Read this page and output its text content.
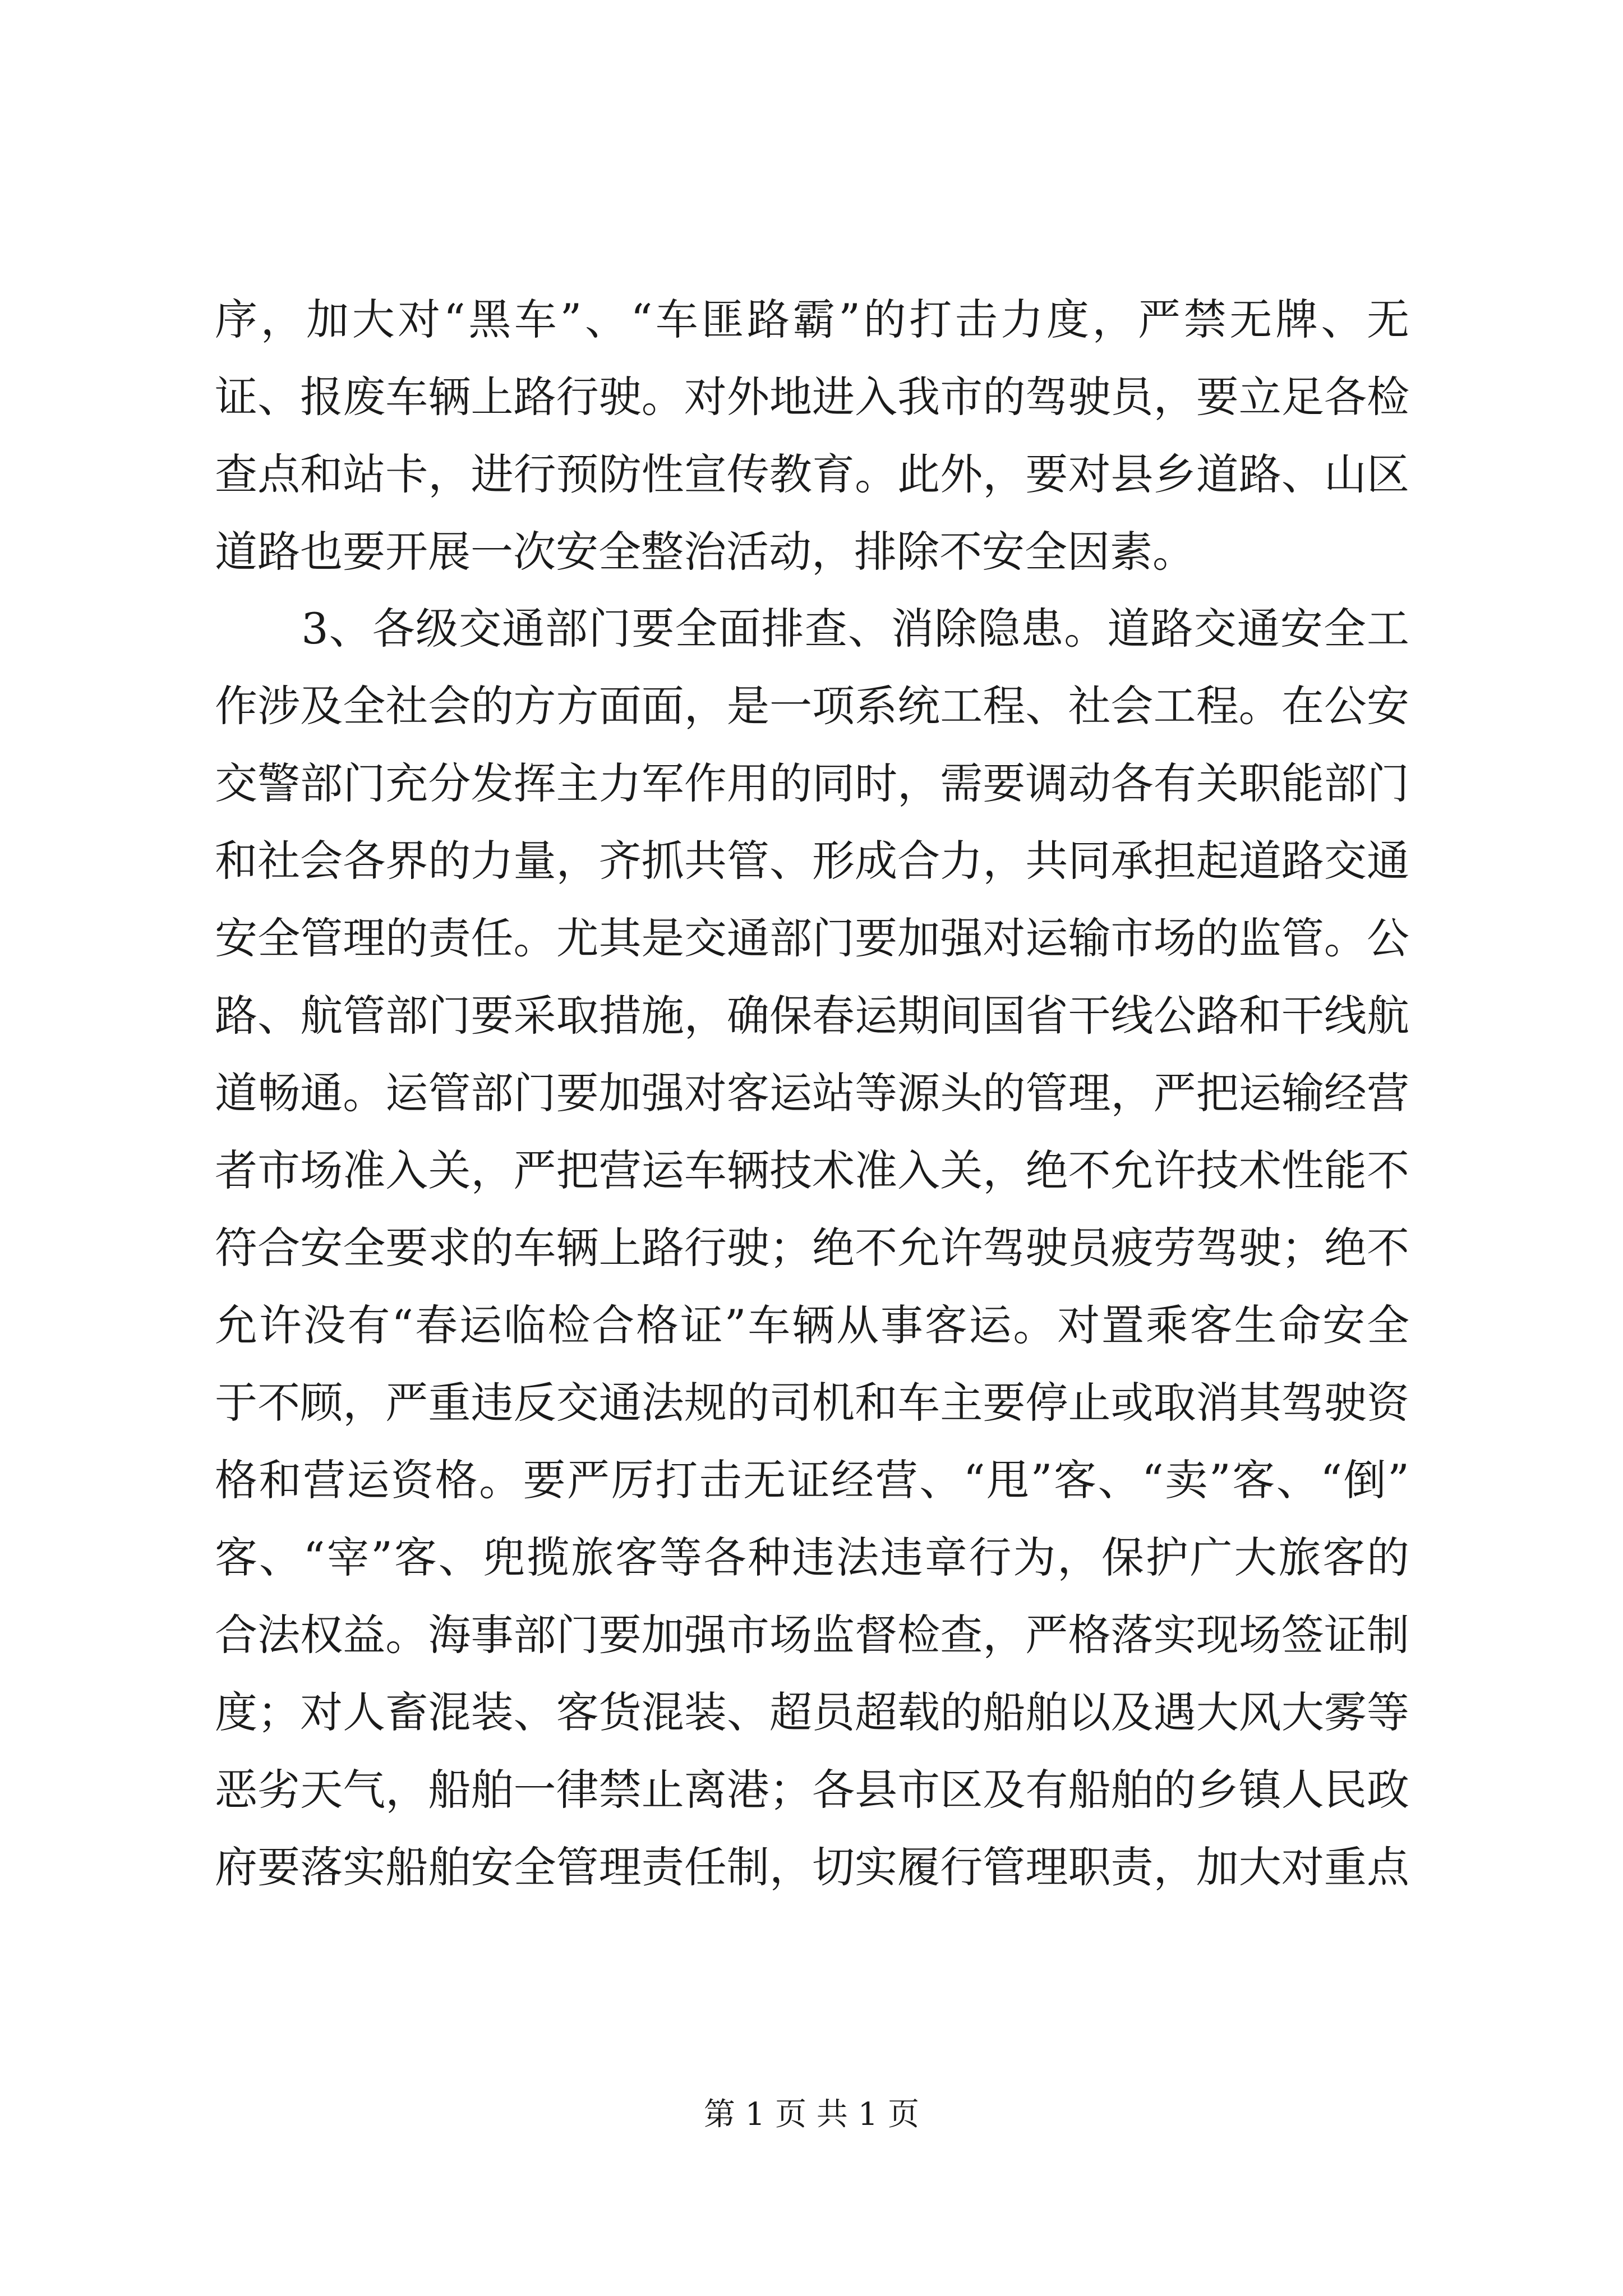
序，加大对“黑车”、“车匪路霸”的打击力度，严禁无牌、无
证、报废车辆上路行驶。对外地进入我市的驾驶员，要立足各检
查点和站卡，进行预防性宣传教育。此外，要对县乡道路、山区
道路也要开展一次安全整治活动，排除不安全因素。
　　3、各级交通部门要全面排查、消除隐患。道路交通安全工
作涉及全社会的方方面面，是一项系统工程、社会工程。在公安
交警部门充分发挥主力军作用的同时，需要调动各有关职能部门
和社会各界的力量，齐抓共管、形成合力，共同承担起道路交通
安全管理的责任。尤其是交通部门要加强对运输市场的监管。公
路、航管部门要采取措施，确保春运期间国省干线公路和干线航
道畅通。运管部门要加强对客运站等源头的管理，严把运输经营
者市场准入关，严把营运车辆技术准入关，绝不允许技术性能不
符合安全要求的车辆上路行驶；绝不允许驾驶员疲劳驾驶；绝不
允许没有“春运临检合格证”车辆从事客运。对置乘客生命安全
于不顾，严重违反交通法规的司机和车主要停止或取消其驾驶资
格和营运资格。要严厉打击无证经营、“甩”客、“卖”客、“倒”
客、“宰”客、兜揽旅客等各种违法违章行为，保护广大旅客的
合法权益。海事部门要加强市场监督检查，严格落实现场签证制
度；对人畜混装、客货混装、超员超载的船舶以及遇大风大雾等
恶劣天气，船舶一律禁止离港；各县市区及有船舶的乡镇人民政
府要落实船舶安全管理责任制，切实履行管理职责，加大对重点
第 1 页 共 1 页
